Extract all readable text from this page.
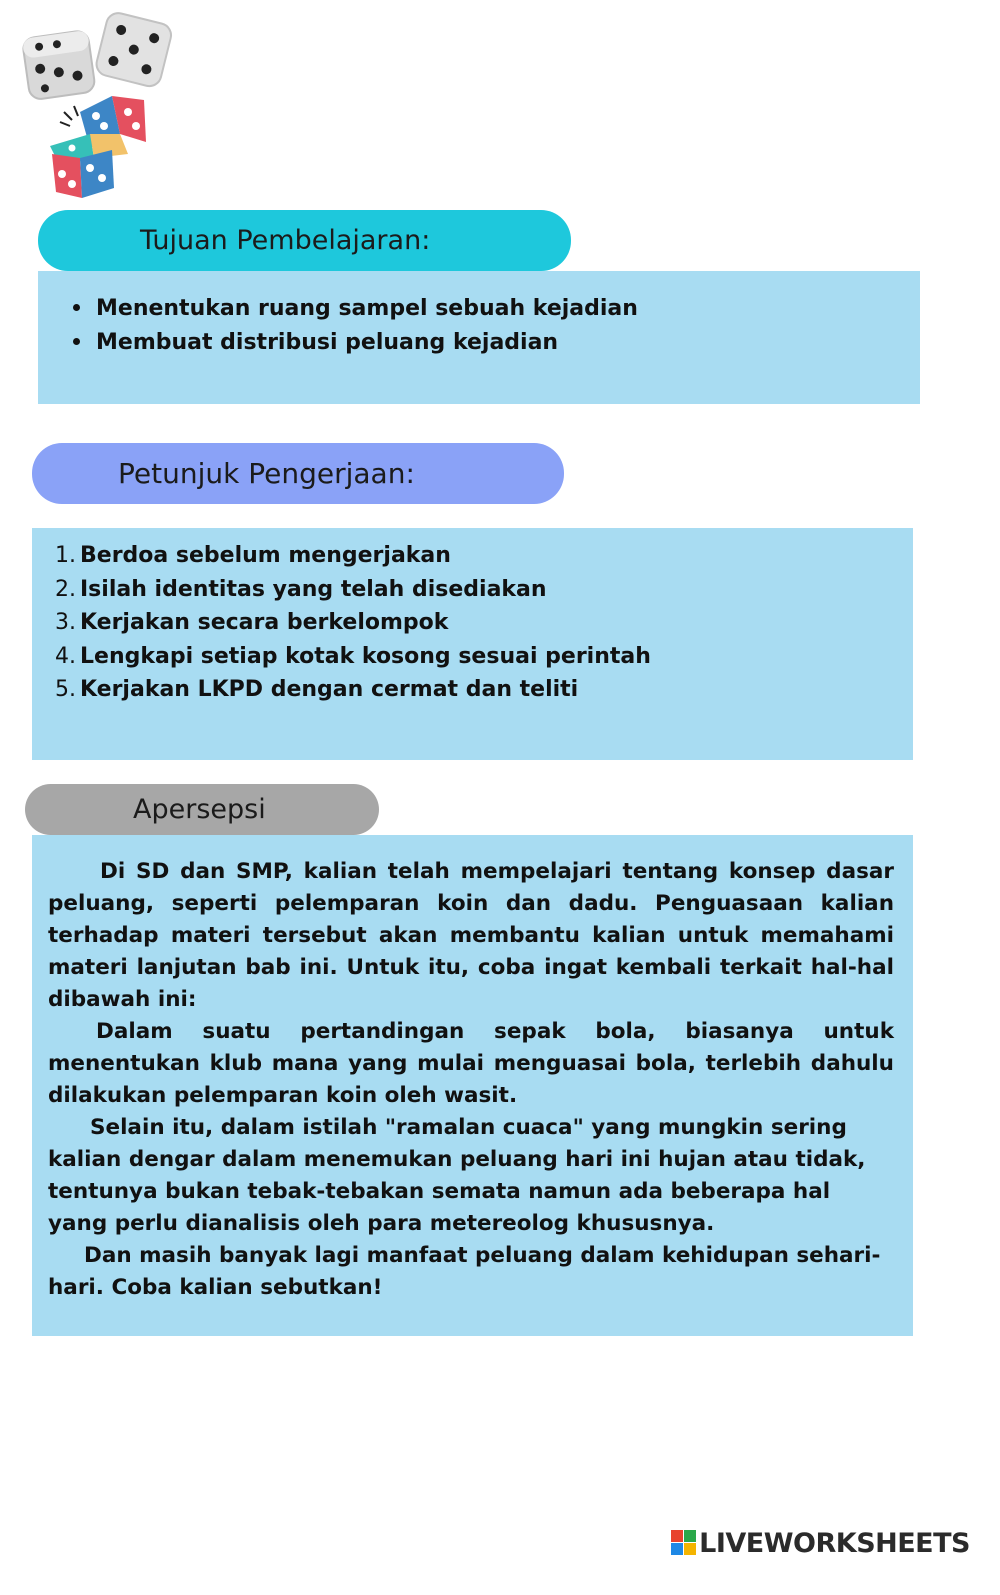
Tujuan Pembelajaran:
Menentukan ruang sampel sebuah kejadian
Membuat distribusi peluang kejadian
Petunjuk Pengerjaan:
1. Berdoa sebelum mengerjakan
2. Isilah identitas yang telah disediakan
3. Kerjakan secara berkelompok
4. Lengkapi setiap kotak kosong sesuai perintah
5. Kerjakan LKPD dengan cermat dan teliti
Apersepsi

Di SD dan SMP, kalian telah mempelajari tentang konsep dasar peluang, seperti pelemparan koin dan dadu. Penguasaan kalian terhadap materi tersebut akan membantu kalian untuk memahami materi lanjutan bab ini. Untuk itu, coba ingat kembali terkait hal-hal dibawah ini:

Dalam suatu pertandingan sepak bola, biasanya untuk menentukan klub mana yang mulai menguasai bola, terlebih dahulu dilakukan pelemparan koin oleh wasit.

Selain itu, dalam istilah "ramalan cuaca" yang mungkin sering kalian dengar dalam menemukan peluang hari ini hujan atau tidak, tentunya bukan tebak-tebakan semata namun ada beberapa hal yang perlu dianalisis oleh para metereolog khususnya.

Dan masih banyak lagi manfaat peluang dalam kehidupan sehari-hari. Coba kalian sebutkan!

LIVEWORKSHEETS
